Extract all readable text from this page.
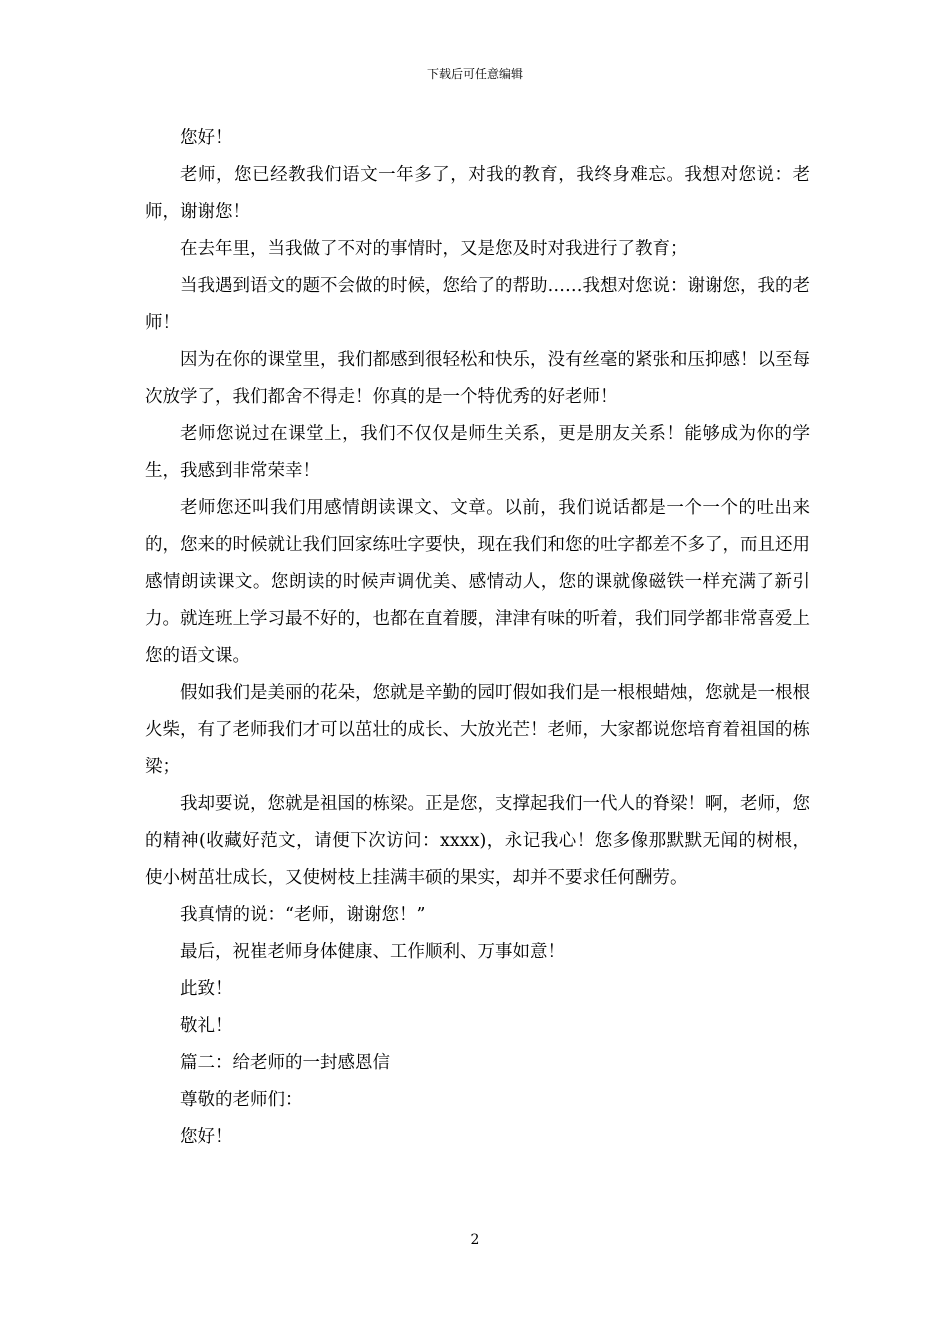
下载后可任意编辑

您好！

老师，您已经教我们语文一年多了，对我的教育，我终身难忘。我想对您说：老师，谢谢您！

在去年里，当我做了不对的事情时，又是您及时对我进行了教育；

当我遇到语文的题不会做的时候，您给了的帮助……我想对您说：谢谢您，我的老师！

因为在你的课堂里，我们都感到很轻松和快乐，没有丝毫的紧张和压抑感！以至每次放学了，我们都舍不得走！你真的是一个特优秀的好老师！

老师您说过在课堂上，我们不仅仅是师生关系，更是朋友关系！能够成为你的学生，我感到非常荣幸！

老师您还叫我们用感情朗读课文、文章。以前，我们说话都是一个一个的吐出来的，您来的时候就让我们回家练吐字要快，现在我们和您的吐字都差不多了，而且还用感情朗读课文。您朗读的时候声调优美、感情动人，您的课就像磁铁一样充满了新引力。就连班上学习最不好的，也都在直着腰，津津有味的听着，我们同学都非常喜爱上您的语文课。

假如我们是美丽的花朵，您就是辛勤的园叮假如我们是一根根蜡烛，您就是一根根火柴，有了老师我们才可以茁壮的成长、大放光芒！老师，大家都说您培育着祖国的栋梁；

我却要说，您就是祖国的栋梁。正是您，支撑起我们一代人的脊梁！啊，老师，您的精神(收藏好范文，请便下次访问：xxxx)，永记我心！您多像那默默无闻的树根，使小树茁壮成长，又使树枝上挂满丰硕的果实，却并不要求任何酬劳。

我真情的说：“老师，谢谢您！”

最后，祝崔老师身体健康、工作顺利、万事如意！

此致！

敬礼！

篇二：给老师的一封感恩信

尊敬的老师们：

您好！

2
